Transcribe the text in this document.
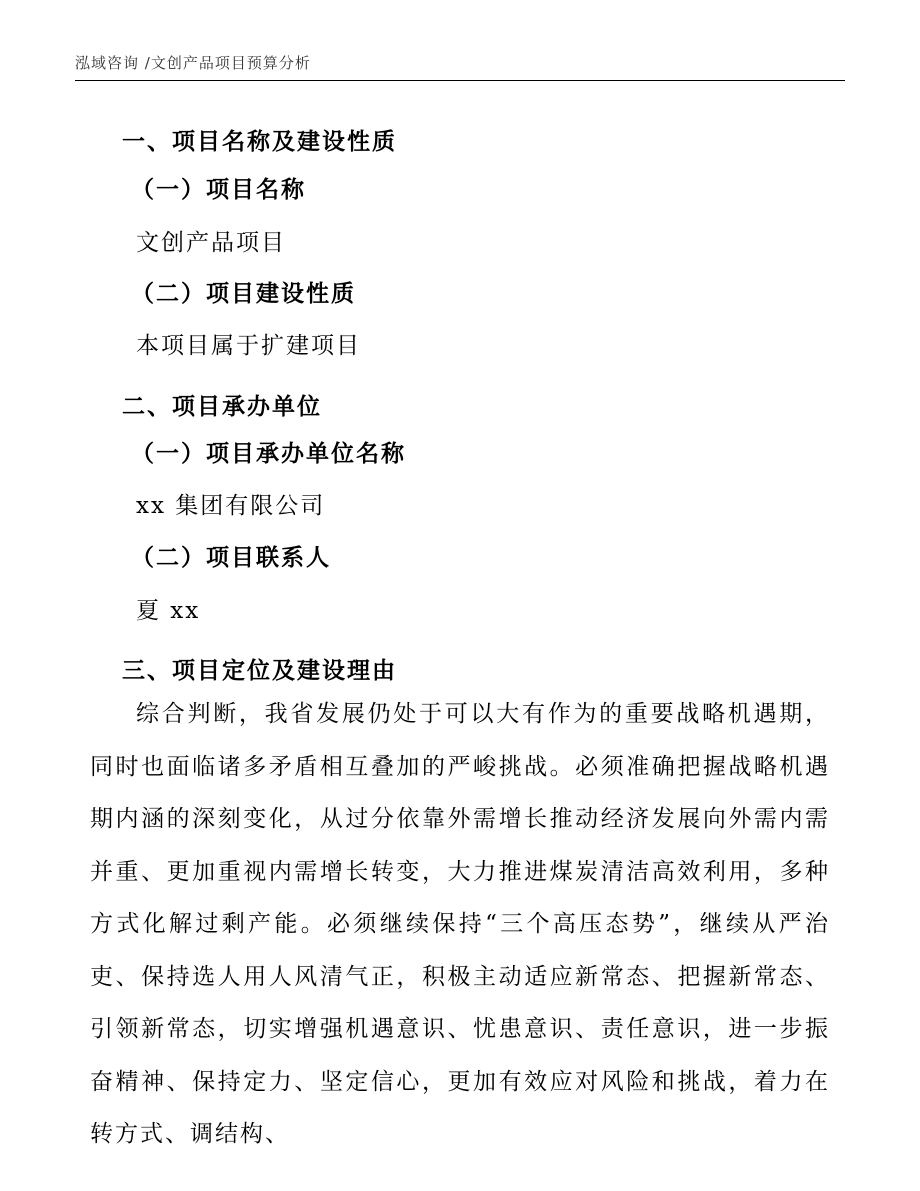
泓域咨询 /文创产品项目预算分析
一、项目名称及建设性质
（一）项目名称
文创产品项目
（二）项目建设性质
本项目属于扩建项目
二、项目承办单位
（一）项目承办单位名称
xx 集团有限公司
（二）项目联系人
夏 xx
三、项目定位及建设理由

综合判断，我省发展仍处于可以大有作为的重要战略机遇期，同时也面临诸多矛盾相互叠加的严峻挑战。必须准确把握战略机遇期内涵的深刻变化，从过分依靠外需增长推动经济发展向外需内需并重、更加重视内需增长转变，大力推进煤炭清洁高效利用，多种方式化解过剩产能。必须继续保持“三个高压态势”，继续从严治吏、保持选人用人风清气正，积极主动适应新常态、把握新常态、引领新常态，切实增强机遇意识、忧患意识、责任意识，进一步振奋精神、保持定力、坚定信心，更加有效应对风险和挑战，着力在转方式、调结构、
